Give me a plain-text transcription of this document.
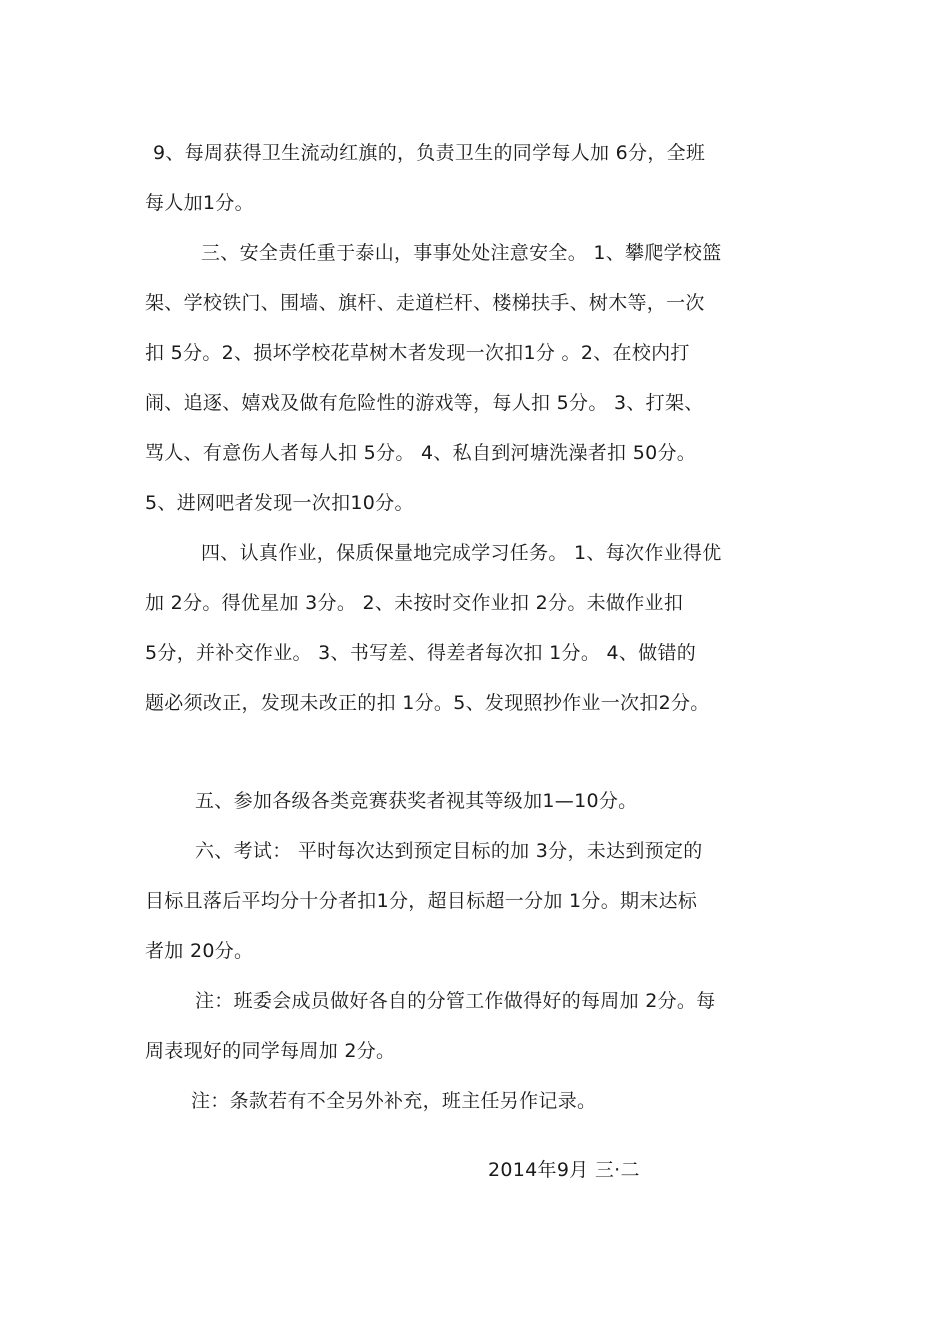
9、每周获得卫生流动红旗的，负责卫生的同学每人加 6分，全班
每人加1分。
三、安全责任重于泰山，事事处处注意安全。 1、攀爬学校篮
架、学校铁门、围墙、旗杆、走道栏杆、楼梯扶手、树木等，一次
扣 5分。2、损坏学校花草树木者发现一次扣1分 。2、在校内打
闹、追逐、嬉戏及做有危险性的游戏等，每人扣 5分。 3、打架、
骂人、有意伤人者每人扣 5分。 4、私自到河塘洗澡者扣 50分。
5、进网吧者发现一次扣10分。
四、认真作业，保质保量地完成学习任务。 1、每次作业得优
加 2分。得优星加 3分。 2、未按时交作业扣 2分。未做作业扣
5分，并补交作业。 3、书写差、得差者每次扣 1分。 4、做错的
题必须改正，发现未改正的扣 1分。5、发现照抄作业一次扣2分。
五、参加各级各类竞赛获奖者视其等级加1—10分。
六、考试： 平时每次达到预定目标的加 3分，未达到预定的
目标且落后平均分十分者扣1分，超目标超一分加 1分。期末达标
者加 20分。
注：班委会成员做好各自的分管工作做得好的每周加 2分。每
周表现好的同学每周加 2分。
注：条款若有不全另外补充，班主任另作记录。
2014年9月 三·二
